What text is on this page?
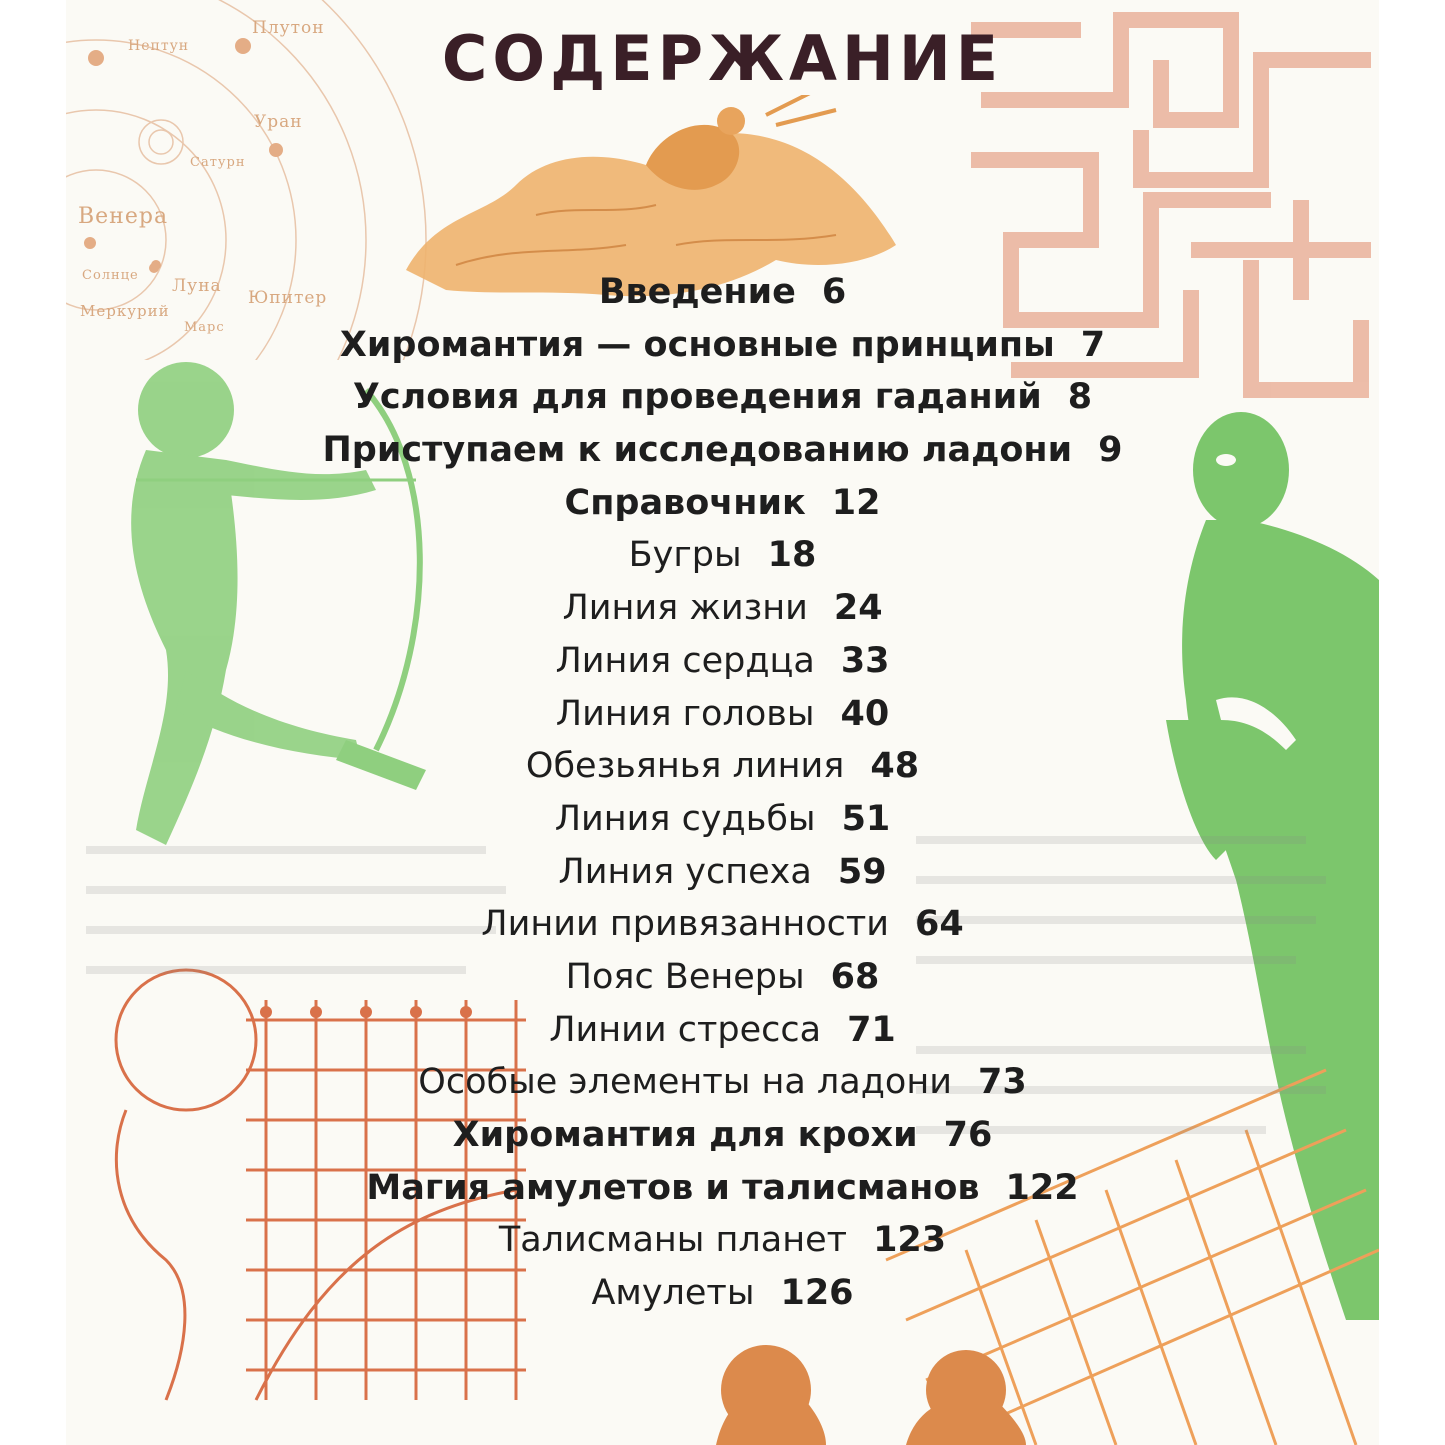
Плутон
Нептун
Уран
Сатурн
Венера
Солнце
Луна
Юпитер
Меркурий
Марс
СОДЕРЖАНИЕ
Введение 6
Хиромантия — основные принципы 7
Условия для проведения гаданий 8
Приступаем к исследованию ладони 9
Справочник 12
Бугры 18
Линия жизни 24
Линия сердца 33
Линия головы 40
Обезьянья линия 48
Линия судьбы 51
Линия успеха 59
Линии привязанности 64
Пояс Венеры 68
Линии стресса 71
Особые элементы на ладони 73
Хиромантия для крохи 76
Магия амулетов и талисманов 122
Талисманы планет 123
Амулеты 126
